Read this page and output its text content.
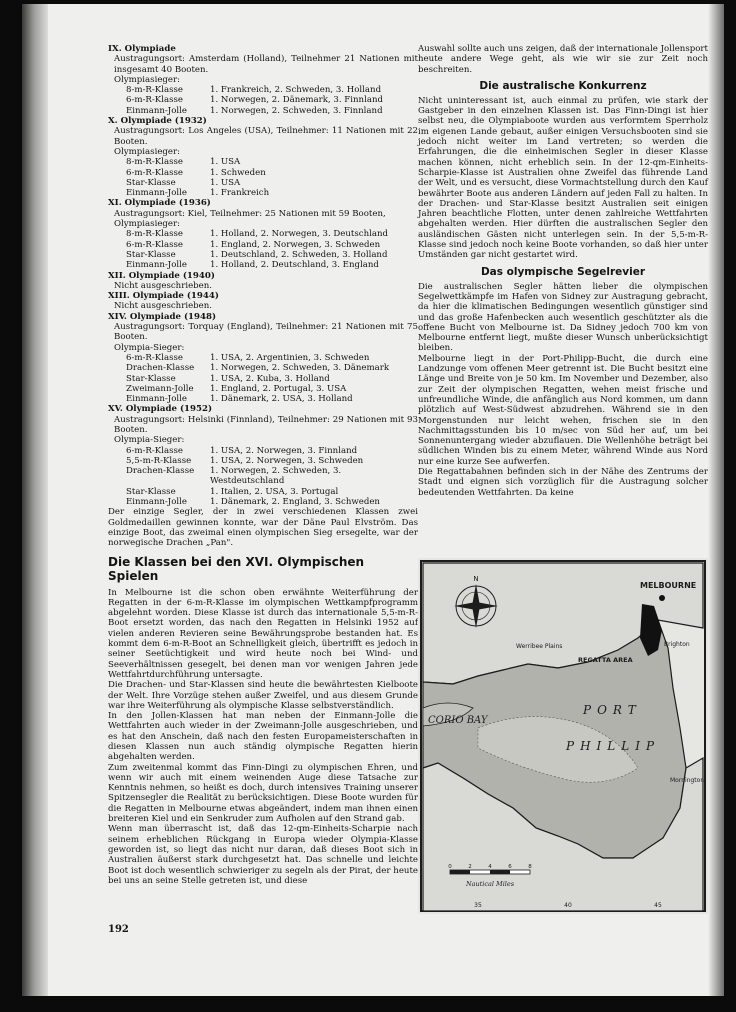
IX. Olympiade
Austragungsort: Amsterdam (Holland), Teilnehmer 21 Nationen mit insgesamt 40 Booten.
Olympiasieger:
8-m-R-Klasse	1. Frankreich, 2. Schweden, 3. Holland
6-m-R-Klasse	1. Norwegen, 2. Dänemark, 3. Finnland
Einmann-Jolle	1. Norwegen, 2. Schweden, 3. Finnland
X. Olympiade (1932)
Austragungsort: Los Angeles (USA), Teilnehmer: 11 Nationen mit 22 Booten.
Olympiasieger:
8-m-R-Klasse	1. USA
6-m-R-Klasse	1. Schweden
Star-Klasse	1. USA
Einmann-Jolle	1. Frankreich
XI. Olympiade (1936)
Austragungsort: Kiel, Teilnehmer: 25 Nationen mit 59 Booten,
Olympiasieger:
8-m-R-Klasse	1. Holland, 2. Norwegen, 3. Deutschland
6-m-R-Klasse	1. England, 2. Norwegen, 3. Schweden
Star-Klasse	1. Deutschland, 2. Schweden, 3. Holland
Einmann-Jolle	1. Holland, 2. Deutschland, 3. England
XII. Olympiade (1940)
Nicht ausgeschrieben.
XIII. Olympiade (1944)
Nicht ausgeschrieben.
XIV. Olympiade (1948)
Austragungsort: Torquay (England), Teilnehmer: 21 Nationen mit 75 Booten.
Olympia-Sieger:
6-m-R-Klasse	1. USA, 2. Argentinien, 3. Schweden
Drachen-Klasse	1. Norwegen, 2. Schweden, 3. Dänemark
Star-Klasse	1. USA, 2. Kuba, 3. Holland
Zweimann-Jolle	1. England, 2. Portugal, 3. USA
Einmann-Jolle	1. Dänemark, 2. USA, 3. Holland
XV. Olympiade (1952)
Austragungsort: Helsinki (Finnland), Teilnehmer: 29 Nationen mit 93 Booten.
Olympia-Sieger:
6-m-R-Klasse	1. USA, 2. Norwegen, 3. Finnland
5,5-m-R-Klasse	1. USA, 2. Norwegen, 3. Schweden
Drachen-Klasse	1. Norwegen, 2. Schweden, 3. Westdeutschland
Star-Klasse	1. Italien, 2. USA, 3. Portugal
Einmann-Jolle	1. Dänemark, 2. England, 3. Schweden

Der einzige Segler, der in zwei verschiedenen Klassen zwei Goldmedaillen gewinnen konnte, war der Däne Paul Elvström. Das einzige Boot, das zweimal einen olympischen Sieg ersegelte, war der norwegische Drachen „Pan".

Die Klassen bei den XVI. Olympischen Spielen

In Melbourne ist die schon oben erwähnte Weiterführung der Regatten in der 6-m-R-Klasse im olympischen Wettkampfprogramm abgelehnt worden. Diese Klasse ist durch das internationale 5,5-m-R-Boot ersetzt worden, das nach den Regatten in Helsinki 1952 auf vielen anderen Revieren seine Bewährungsprobe bestanden hat. Es kommt dem 6-m-R-Boot an Schnelligkeit gleich, übertrifft es jedoch in seiner Seetüchtigkeit und wird heute noch bei Wind- und Seeverhältnissen gesegelt, bei denen man vor wenigen Jahren jede Wettfahrtdurchführung untersagte.

Die Drachen- und Star-Klassen sind heute die bewährtesten Kielboote der Welt. Ihre Vorzüge stehen außer Zweifel, und aus diesem Grunde war ihre Weiterführung als olympische Klasse selbstverständlich.

In den Jollen-Klassen hat man neben der Einmann-Jolle die Wettfahrten auch wieder in der Zweimann-Jolle ausgeschrieben, und es hat den Anschein, daß nach den festen Europameisterschaften in diesen Klassen nun auch ständig olympische Regatten hierin abgehalten werden.

Zum zweitenmal kommt das Finn-Dingi zu olympischen Ehren, und wenn wir auch mit einem weinenden Auge diese Tatsache zur Kenntnis nehmen, so heißt es doch, durch intensives Training unserer Spitzensegler die Realität zu berücksichtigen. Diese Boote wurden für die Regatten in Melbourne etwas abgeändert, indem man ihnen einen breiteren Kiel und ein Senkruder zum Aufholen auf den Strand gab.

Wenn man überrascht ist, daß das 12-qm-Einheits-Scharpie nach seinem erheblichen Rückgang in Europa wieder Olympia-Klasse geworden ist, so liegt das nicht nur daran, daß dieses Boot sich in Australien äußerst stark durchgesetzt hat. Das schnelle und leichte Boot ist doch wesentlich schwieriger zu segeln als der Pirat, der heute bei uns an seine Stelle getreten ist, und diese

Auswahl sollte auch uns zeigen, daß der internationale Jollensport heute andere Wege geht, als wie wir sie zur Zeit noch beschreiten.

Die australische Konkurrenz

Nicht uninteressant ist, auch einmal zu prüfen, wie stark der Gastgeber in den einzelnen Klassen ist. Das Finn-Dingi ist hier selbst neu, die Olympiaboote wurden aus verformtem Sperrholz im eigenen Lande gebaut, außer einigen Versuchsbooten sind sie jedoch nicht weiter im Land vertreten; so werden die Erfahrungen, die die einheimischen Segler in dieser Klasse machen können, nicht erheblich sein. In der 12-qm-Einheits-Scharpie-Klasse ist Australien ohne Zweifel das führende Land der Welt, und es versucht, diese Vormachtstellung durch den Kauf bewährter Boote aus anderen Ländern auf jeden Fall zu halten. In der Drachen- und Star-Klasse besitzt Australien seit einigen Jahren beachtliche Flotten, unter denen zahlreiche Wettfahrten abgehalten werden. Hier dürften die australischen Segler den ausländischen Gästen nicht unterlegen sein. In der 5,5-m-R-Klasse sind jedoch noch keine Boote vorhanden, so daß hier unter Umständen gar nicht gestartet wird.

Das olympische Segelrevier

Die australischen Segler hätten lieber die olympischen Segelwettkämpfe im Hafen von Sidney zur Austragung gebracht, da hier die klimatischen Bedingungen wesentlich günstiger sind und das große Hafenbecken auch wesentlich geschützter als die offene Bucht von Melbourne ist. Da Sidney jedoch 700 km von Melbourne entfernt liegt, mußte dieser Wunsch unberücksichtigt bleiben.

Melbourne liegt in der Port-Philipp-Bucht, die durch eine Landzunge vom offenen Meer getrennt ist. Die Bucht besitzt eine Länge und Breite von je 50 km. Im November und Dezember, also zur Zeit der olympischen Regatten, wehen meist frische und unfreundliche Winde, die anfänglich aus Nord kommen, um dann plötzlich auf West-Südwest abzudrehen. Während sie in den Morgenstunden nur leicht wehen, frischen sie in den Nachmittagsstunden bis 10 m/sec von Süd her auf, um bei Sonnenuntergang wieder abzuflauen. Die Wellenhöhe beträgt bei südlichen Winden bis zu einem Meter, während Winde aus Nord nur eine kurze See aufwerfen.

Die Regattabahnen befinden sich in der Nähe des Zentrums der Stadt und eignen sich vorzüglich für die Austragung solcher bedeutenden Wettfahrten. Da keine

N
MELBOURNE
Brighton
Werribee Plains
REGATTA AREA
PORT
PHILLIP
CORIO BAY
Mornington
0	2	4	6	8
Nautical Miles
35	40	45
192
